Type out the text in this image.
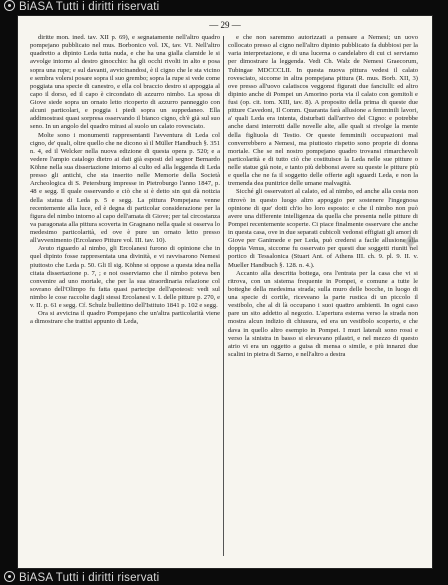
BiASA Tutti i diritti riservati
— 29 —

diritte mon. ined. tav. XII p. 69), e segnatamente nell'altro quadro pompejano pubblicato nel mus. Borbonico vol. IX, tav. VI. Nell'altro quadretto a dipinto Leda tutta nuda, e che ha una gialla clamide le si avvolge intorno al destro ginocchio: ha gli occhi rivolti in alto e posa sopra una rupe; e sul davanti, avvicinandosi, è il cigno che le sta vicino e sembra volersi posare sopra il suo grembo; sopra la rupe si vede come poggiata una specie di canestro, e ella col braccio destro si appoggia al capo il dorso, ed il capo è circondato di azzurro nimbo. La sposa di Giove siede sopra un ornato letto ricoperto di azzurro panneggio con alcuni particolari, e poggia i piedi sopra un suppedaneo. Ella addimostrasi quasi sorpresa osservando il bianco cigno, ch'è già sul suo seno. In un angolo del quadro mirasi al suolo un calato rovesciato.

Molte sono i monumenti rappresentanti l'avventura di Leda col cigno, de' quali, oltre quello che ne dicono sì il Müller Handbuch §. 351 n. 4, ed il Welcker nella nuova edizione di questa opera p. 520; e a vedere l'ampio catalogo dietro ai dati già esposti del segnor Bernardo Köhne nella sua dissertazione intorno al culto ed alla leggenda di Leda presso gli antichi, che sta inserito nelle Memorie della Società Archeologica di S. Petersburg impresse in Pietroburgo l'anno 1847, p. 48 e segg. Il quale osservando e ciò che si è detto sin qui dà notizia della statua di Leda p. 5 e segg. La pittura Pompejana venne recentemente alla luce, ed è degna di particolar considerazione per la figura del nimbo intorno al capo dell'amata di Giove; per tal circostanza va paragonata alla pittura scoverta in Gragnano nella quale si osserva lo medesimo particolarità, ed ove è pure un ornato letto presso all'avvenimento (Ercolaneo Pitture vol. III. tav. 10).

Avuto riguardo al nimbo, gli Ercolanesi furono di opinione che in quel dipinto fosse rappresentata una divinità, e vi ravvisarono Nemesi piuttosto che Leda p. 50. Gli Il sig. Köhne si oppose a questa idea nella citata dissertazione p. 7, ; e noi osserviamo che il nimbo poteva ben convenire ad uno mortale, che per la sua straordinaria relazione col sovrano dell'Olimpo fu fatta quasi partecipe dell'apoteosi: vedi sul nimbo le cose raccolte dagli stessi Ercolanesi v. I. delle pitture p. 270, e v. II. p. 61 e segg. Cf. Schulz bullettino dell'Istituto 1841 p. 102 e segg.

Ora si avvicina il quadro Pompejano che un'altra particolarità viene a dimostrare che trattisi appunto di Leda,

e che non saremmo autorizzati a pensare a Nemesi; un uovo collocato presso al cigno nell'altro dipinto pubblicato fa dubbiosi per la varia interpretazione, e di una lucerna o candelabro di cui ci serviamo per dimostrare la leggenda. Vedi Ch. Walz de Nemesi Graecorum, Tubingae MDCCCLII. In questa nuova pittura vedesi il calato rovesciato, siccome in altra pompejana pittura (R. mus. Borb. XII, 3) ove presso all'uovo calatiscos veggonsi figurati due fanciulli: ed altro dipinto anche di Pompei un Amorino porta via il calato con gomitoli e fusi (op. cit. tom. XIII, tav. 8). A proposito della prima di queste due pitture Cavedoni, Il Comm. Quaranta farà allusione a femminili lavori, a' quali Leda era intenta, disturbati dall'arrivo del Cigno: e potrebbe anche darsi interrotti dalle novelle alte, alle quali si rivolge la mente della figliuola di Testio. Or queste femminili occupazioni mal converrebbero a Nemesi, ma piuttosto rispetto sono proprie di donna mortale. Che se nel nostro pompejano quadro trovansi rimarchevoli particolarità e di tutto ciò che costituisce la Leda nelle sue pitture o nelle statue già note, e tanto più debbonsi avere su queste le pitture più e quella che ne fa il soggetto delle offerte agli sguardi Leda, e non la tremenda dea punitrice delle umane malvagità.

Sicché gli osservatori al calato, ed al nimbo, ed anche alla cesta non ritrovò in questo luogo altro appoggio per sostenere l'ingegnosa opinione di que' dotti ch'io ho loro esposto: e che il nimbo non può avere una differente intelligenza da quella che presenta nelle pitture di Pompei recentemente scoperte. Ci piace finalmente osservare che anche in questa casa, ove in due separati cubicoli vedonsi effigiati gli amori di Giove per Ganimede e per Leda, può credersi a facile allusione alla doppia Venus, siccome fu osservato per questi due soggetti riuniti nel portico di Tessalonica (Stuart Ant. of Athens III. ch. 9. pl. 9. II. v. Mueller Handbuch §. 128. n. 4.).

Accanto alla descritta bottega, ora l'entrata per la casa che vi si ritrova, con un sistema frequente in Pompei, e comune a tutte le botteghe della medesima strada; sulla muro delle bocche, in luogo di una specie di cortile, riceveano la parte rustica di un piccolo il vestibolo, che al di là occupano i suoi quattro ambienti. In ogni caso pare un sito addetto al negozio. L'apertura esterna verso la strada non mostra alcun indizio di chiusura, ed era un vestibolo scoperto, e che dava in quello altro esempio in Pompei. I muri laterali sono rossi e verso la sinistra in basso si elevavano pilastri, e nel mezzo di questo atrio vi era un oggetto a guisa di mensa o simile, e più innanzi due scalini in pietra di Sarno, e nell'altro a destra

✦
BiASA Tutti i diritti riservati
